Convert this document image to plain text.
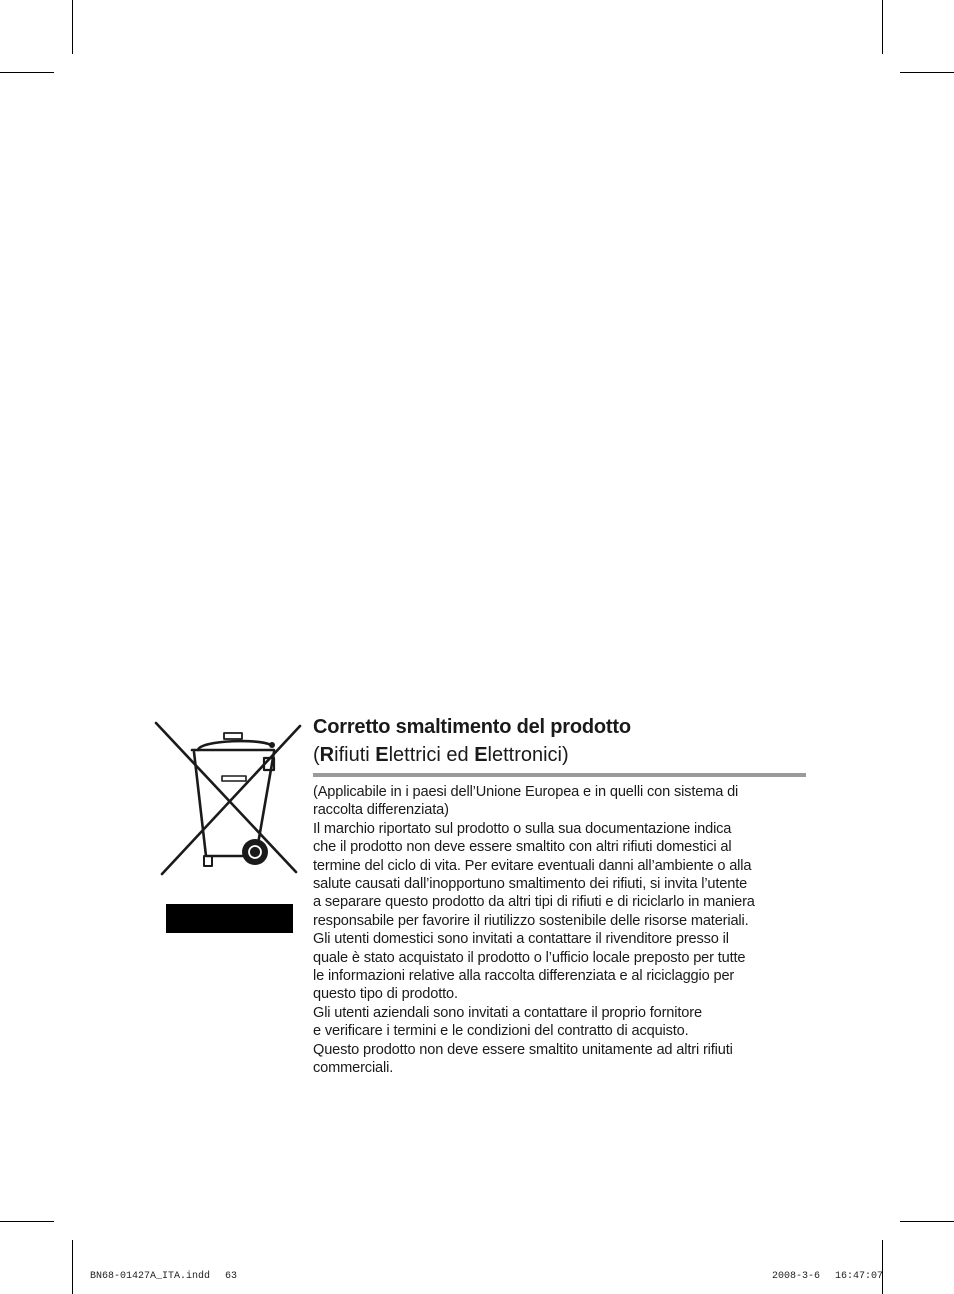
Corretto smaltimento del prodotto
(Rifiuti Elettrici ed Elettronici)
(Applicabile in i paesi dell’Unione Europea e in quelli con sistema di
raccolta differenziata)
Il marchio riportato sul prodotto o sulla sua documentazione indica
che il prodotto non deve essere smaltito con altri rifiuti domestici al
termine del ciclo di vita. Per evitare eventuali danni all’ambiente o alla
salute causati dall’inopportuno smaltimento dei rifiuti, si invita l’utente
a separare questo prodotto da altri tipi di rifiuti e di riciclarlo in maniera
responsabile per favorire il riutilizzo sostenibile delle risorse materiali.
Gli utenti domestici sono invitati a contattare il rivenditore presso il
quale è stato acquistato il prodotto o l’ufficio locale preposto per tutte
le informazioni relative alla raccolta differenziata e al riciclaggio per
questo tipo di prodotto.
Gli utenti aziendali sono invitati a contattare il proprio fornitore
e verificare i termini e le condizioni del contratto di acquisto.
Questo prodotto non deve essere smaltito unitamente ad altri rifiuti
commerciali.
BN68-01427A_ITA.indd 63	2008-3-6 16:47:07
